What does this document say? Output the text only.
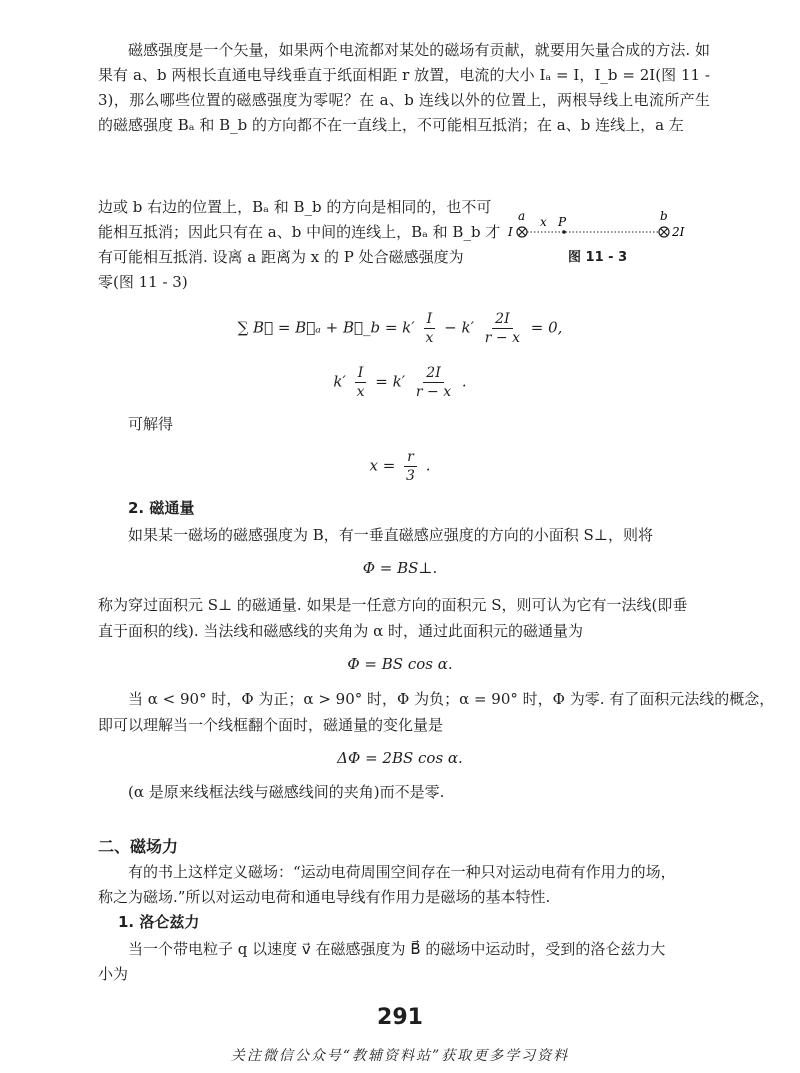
磁感强度是一个矢量，如果两个电流都对某处的磁场有贡献，就要用矢量合成的方法. 如果有 a、b 两根长直通电导线垂直于纸面相距 r 放置，电流的大小 Iₐ = I，I_b = 2I(图 11 - 3)，那么哪些位置的磁感强度为零呢？在 a、b 连线以外的位置上，两根导线上电流所产生的磁感强度 Bₐ 和 B_b 的方向都不在一直线上，不可能相互抵消；在 a、b 连线上，a 左

边或 b 右边的位置上，Bₐ 和 B_b 的方向是相同的，也不可

能相互抵消；因此只有在 a、b 中间的连线上，Bₐ 和 B_b 才

有可能相互抵消. 设离 a 距离为 x 的 P 处合磁感强度为

零(图 11 - 3)

a	b
I
x P
2I

图 11 - 3

∑ B⃗ = B⃗ₐ + B⃗_b = $k' \frac{I}{x} - k' \frac{2I}{r - x} = 0$,
$k' \frac{I}{x} = k' \frac{2I}{r - x}$ .

可解得

$x = \frac{r}{3}$ .

2. 磁通量

如果某一磁场的磁感强度为 B，有一垂直磁感应强度的方向的小面积 S⊥，则将

Φ = BS⊥.

称为穿过面积元 S⊥ 的磁通量. 如果是一任意方向的面积元 S，则可认为它有一法线(即垂

直于面积的线). 当法线和磁感线的夹角为 α 时，通过此面积元的磁通量为

Φ = BS cos α.

当 α < 90° 时，Φ 为正；α > 90° 时，Φ 为负；α = 90° 时，Φ 为零. 有了面积元法线的概念，

即可以理解当一个线框翻个面时，磁通量的变化量是

ΔΦ = 2BS cos α.

(α 是原来线框法线与磁感线间的夹角)而不是零.

二、磁场力

有的书上这样定义磁场：“运动电荷周围空间存在一种只对运动电荷有作用力的场，

称之为磁场.”所以对运动电荷和通电导线有作用力是磁场的基本特性.

1. 洛仑兹力

当一个带电粒子 q 以速度 v⃗ 在磁感强度为 B⃗ 的磁场中运动时，受到的洛仑兹力大

小为

291

关注微信公众号“教辅资料站”获取更多学习资料
